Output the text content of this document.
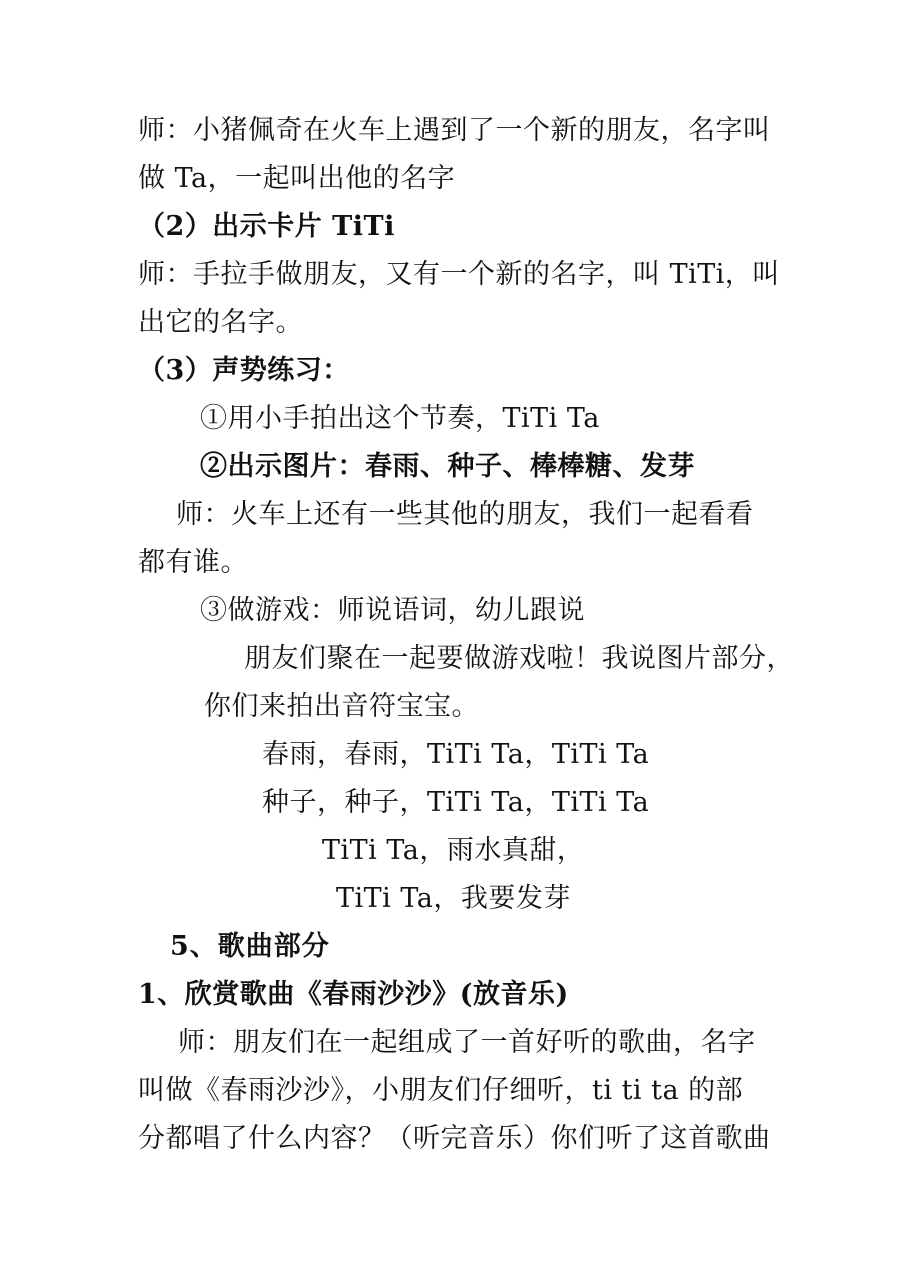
师：小猪佩奇在火车上遇到了一个新的朋友，名字叫
做 Ta，一起叫出他的名字
（2）出示卡片 TiTi
师：手拉手做朋友，又有一个新的名字，叫 TiTi，叫
出它的名字。
（3）声势练习：
①用小手拍出这个节奏，TiTi Ta
②出示图片：春雨、种子、棒棒糖、发芽
师：火车上还有一些其他的朋友，我们一起看看
都有谁。
③做游戏：师说语词，幼儿跟说
朋友们聚在一起要做游戏啦！我说图片部分，
你们来拍出音符宝宝。
春雨，春雨，TiTi Ta，TiTi Ta
种子，种子，TiTi Ta，TiTi Ta
TiTi Ta，雨水真甜，
TiTi Ta，我要发芽
5、歌曲部分
1、欣赏歌曲《春雨沙沙》(放音乐)
师：朋友们在一起组成了一首好听的歌曲，名字
叫做《春雨沙沙》，小朋友们仔细听，ti ti ta 的部
分都唱了什么内容？（听完音乐）你们听了这首歌曲
